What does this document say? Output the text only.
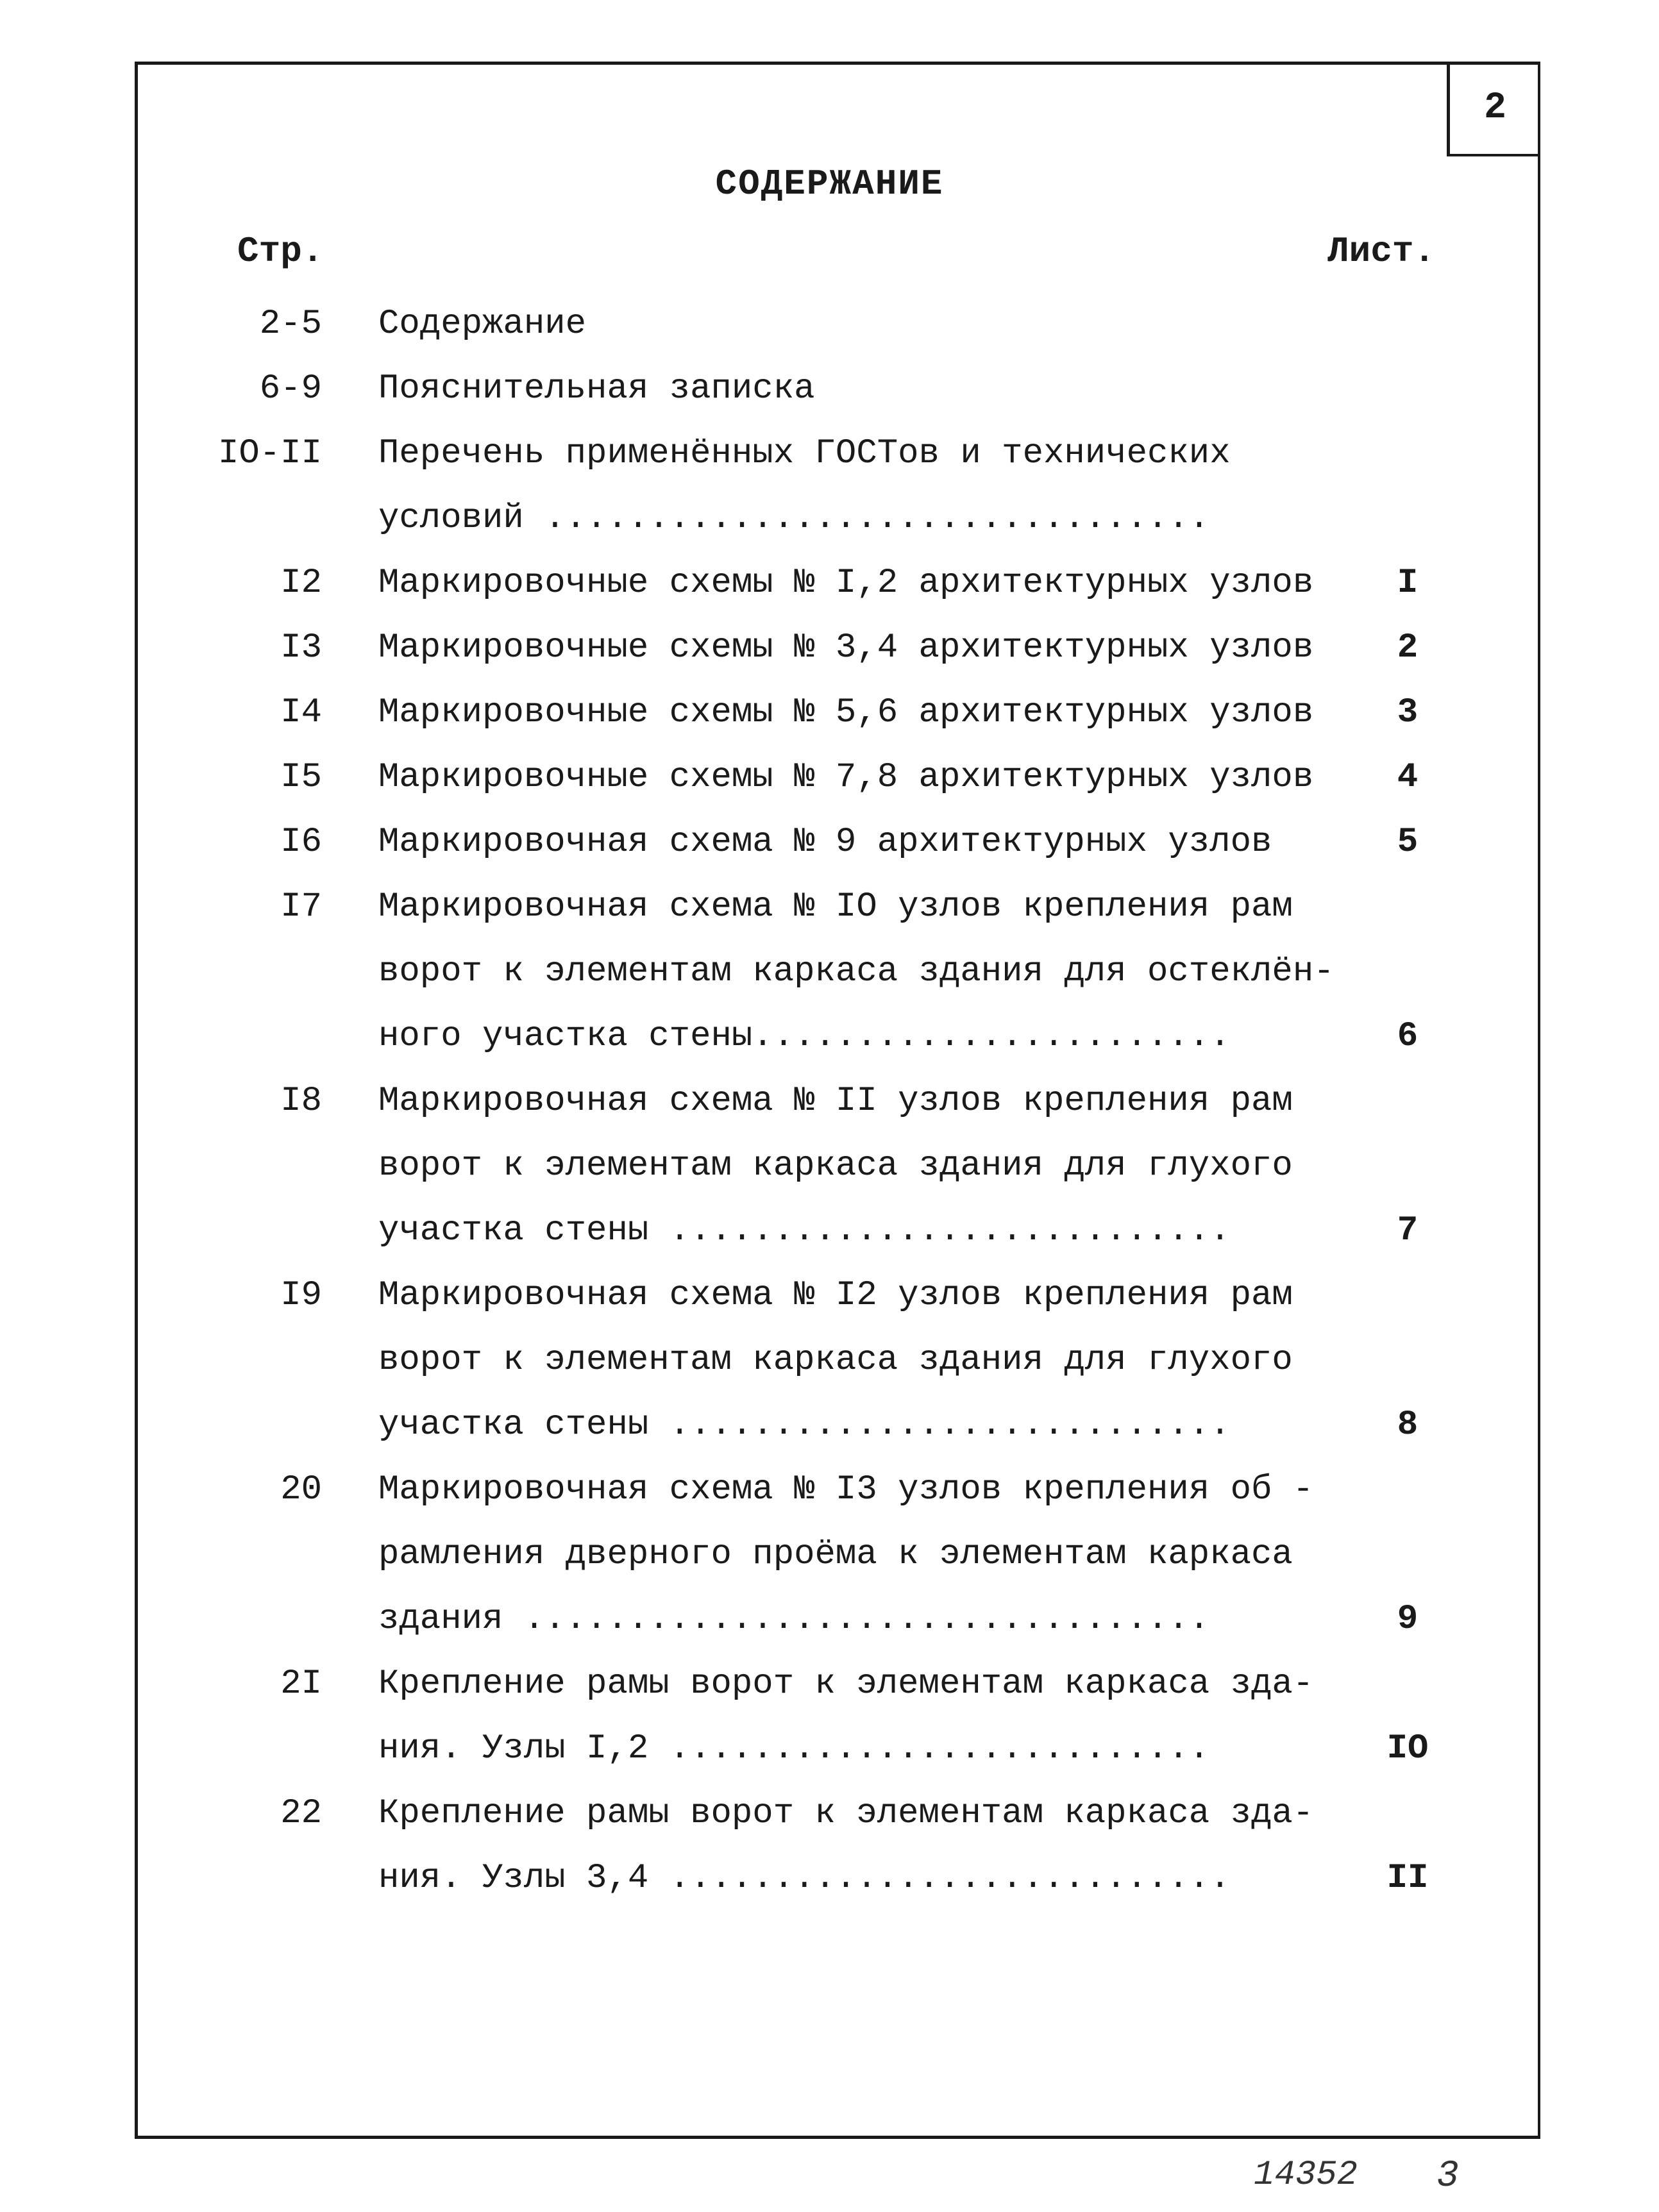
2
СОДЕРЖАНИЕ
Стр.	Лист.
2-5 Содержание
6-9 Пояснительная записка
IO-II Перечень применённых ГОСТов и технических
условий ................................
I2 Маркировочные схемы № I,2 архитектурных узлов	I
I3 Маркировочные схемы № 3,4 архитектурных узлов	2
I4 Маркировочные схемы № 5,6 архитектурных узлов	3
I5 Маркировочные схемы № 7,8 архитектурных узлов	4
I6 Маркировочная схема № 9 архитектурных узлов	5
I7 Маркировочная схема № IO узлов крепления рам
ворот к элементам каркаса здания для остеклён-
ного участка стены.......................	6
I8 Маркировочная схема № II узлов крепления рам
ворот к элементам каркаса здания для глухого
участка стены ...........................	7
I9 Маркировочная схема № I2 узлов крепления рам
ворот к элементам каркаса здания для глухого
участка стены ...........................	8
20 Маркировочная схема № I3 узлов крепления об -
рамления дверного проёма к элементам каркаса
здания .................................	9
2I Крепление рамы ворот к элементам каркаса зда-
ния. Узлы I,2 ..........................	IO
22 Крепление рамы ворот к элементам каркаса зда-
ния. Узлы 3,4 ...........................	II
14352 3
